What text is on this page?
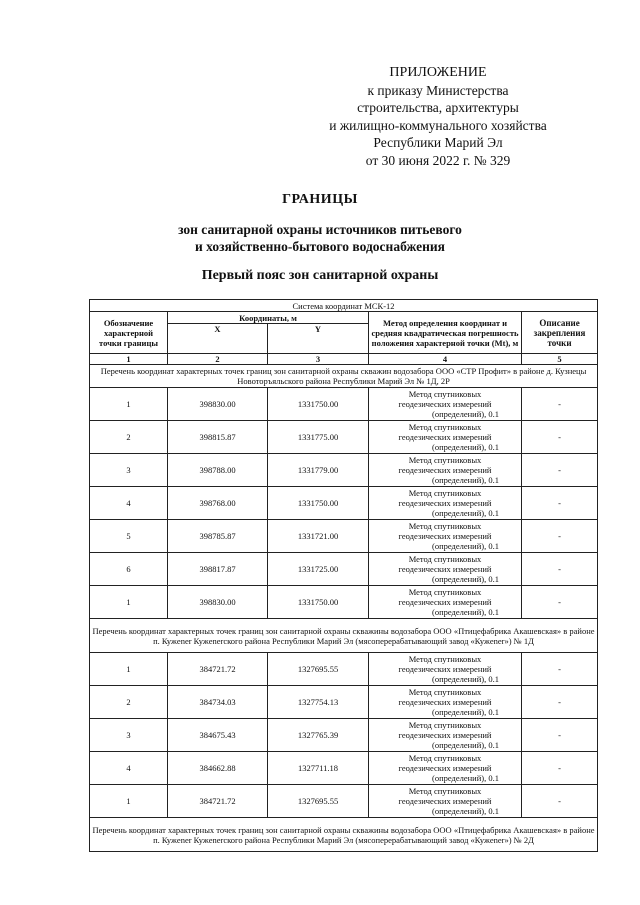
ПРИЛОЖЕНИЕ
к приказу Министерства
строительства, архитектуры
и жилищно-коммунального хозяйства
Республики Марий Эл
от 30 июня 2022 г. № 329
ГРАНИЦЫ
зон санитарной охраны источников питьевого
и хозяйственно-бытового водоснабжения
Первый пояс зон санитарной охраны
Система координат МСК-12				
Обозначение характерной точки границы	Координаты, м		Метод определения координат и средняя квадратическая погрешность положения характерной точки (Mt), м	Описание закрепления точки
	X	Y		
1	2	3	4	5
Перечень координат характерных точек границ зон санитарной охраны скважин водозабора ООО «СТР Профит» в районе д. Кузнецы Новоторъяльского района Республики Марий Эл № 1Д, 2Р				
1	398830.00	1331750.00	Метод спутниковых
геодезических измерений
(определений), 0.1	-
2	398815.87	1331775.00	Метод спутниковых
геодезических измерений
(определений), 0.1	-
3	398788.00	1331779.00	Метод спутниковых
геодезических измерений
(определений), 0.1	-
4	398768.00	1331750.00	Метод спутниковых
геодезических измерений
(определений), 0.1	-
5	398785.87	1331721.00	Метод спутниковых
геодезических измерений
(определений), 0.1	-
6	398817.87	1331725.00	Метод спутниковых
геодезических измерений
(определений), 0.1	-
1	398830.00	1331750.00	Метод спутниковых
геодезических измерений
(определений), 0.1	-
Перечень координат характерных точек границ зон санитарной охраны скважины водозабора ООО «Птицефабрика Акашевская» в районе п. Кужener Кужenerского района Республики Марий Эл (мясоперерабатывающий завод «Кужener») № 1Д				
1	384721.72	1327695.55	Метод спутниковых
геодезических измерений
(определений), 0.1	-
2	384734.03	1327754.13	Метод спутниковых
геодезических измерений
(определений), 0.1	-
3	384675.43	1327765.39	Метод спутниковых
геодезических измерений
(определений), 0.1	-
4	384662.88	1327711.18	Метод спутниковых
геодезических измерений
(определений), 0.1	-
1	384721.72	1327695.55	Метод спутниковых
геодезических измерений
(определений), 0.1	-
Перечень координат характерных точек границ зон санитарной охраны скважины водозабора ООО «Птицефабрика Акашевская» в районе п. Кужener Кужenerского района Республики Марий Эл (мясоперерабатывающий завод «Кужener») № 2Д				
